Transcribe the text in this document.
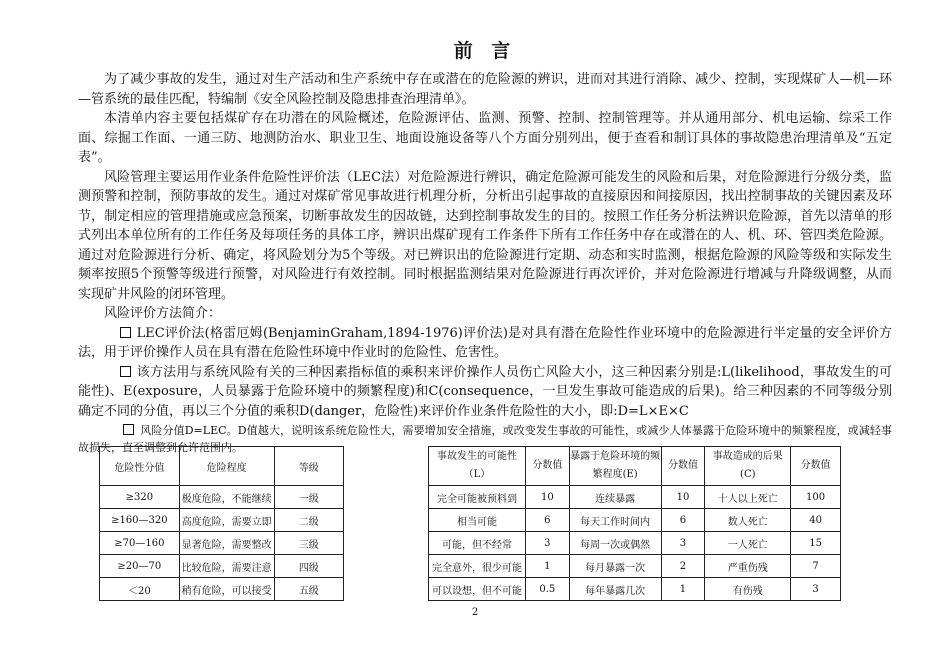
前 言

为了减少事故的发生，通过对生产活动和生产系统中存在或潜在的危险源的辨识，进而对其进行消除、减少、控制，实现煤矿人—机—环—管系统的最佳匹配，特编制《安全风险控制及隐患排查治理清单》。

本清单内容主要包括煤矿存在功潜在的风险概述，危险源评估、监测、预警、控制、控制管理等。并从通用部分、机电运输、综采工作面、综掘工作面、一通三防、地测防治水、职业卫生、地面设施设备等八个方面分别列出，便于查看和制订具体的事故隐患治理清单及“五定表”。

风险管理主要运用作业条件危险性评价法（LEC法）对危险源进行辨识，确定危险源可能发生的风险和后果，对危险源进行分级分类，监测预警和控制，预防事故的发生。通过对煤矿常见事故进行机理分析，分析出引起事故的直接原因和间接原因，找出控制事故的关键因素及环节，制定相应的管理措施或应急预案，切断事故发生的因故链，达到控制事故发生的目的。按照工作任务分析法辨识危险源，首先以清单的形式列出本单位所有的工作任务及每项任务的具体工序，辨识出煤矿现有工作条件下所有工作任务中存在或潜在的人、机、环、管四类危险源。通过对危险源进行分析、确定，将风险划分为5个等级。对已辨识出的危险源进行定期、动态和实时监测，根据危险源的风险等级和实际发生频率按照5个预警等级进行预警，对风险进行有效控制。同时根据监测结果对危险源进行再次评价，并对危险源进行增减与升降级调整，从而实现矿井风险的闭环管理。

风险评价方法简介：

LEC评价法(格雷厄姆(BenjaminGraham,1894-1976)评价法)是对具有潜在危险性作业环境中的危险源进行半定量的安全评价方法，用于评价操作人员在具有潜在危险性环境中作业时的危险性、危害性。

该方法用与系统风险有关的三种因素指标值的乘积来评价操作人员伤亡风险大小，这三种因素分别是:L(likelihood，事故发生的可能性)、E(exposure，人员暴露于危险环境中的频繁程度)和C(consequence，一旦发生事故可能造成的后果)。给三种因素的不同等级分别确定不同的分值，再以三个分值的乘积D(danger，危险性)来评价作业条件危险性的大小，即:D=L×E×C

风险分值D=LEC。D值越大，说明该系统危险性大，需要增加安全措施，或改变发生事故的可能性，或减少人体暴露于危险环境中的频繁程度，或减轻事故损失，直至调整到允许范围内。

危险性分值	危险程度	等级
≥320	极度危险，不能继续	一级
≥160—320	高度危险，需要立即	二级
≥70—160	显著危险，需要整改	三级
≥20—70	比较危险，需要注意	四级
＜20	稍有危险，可以接受	五级
事故发生的可能性（L）	分数值	暴露于危险环境的频繁程度(E)	分数值	事故造成的后果(C)	分数值
完全可能被预料到	10	连续暴露	10	十人以上死亡	100
相当可能	6	每天工作时间内	6	数人死亡	40
可能，但不经常	3	每周一次或偶然	3	一人死亡	15
完全意外，很少可能	1	每月暴露一次	2	严重伤残	7
可以设想，但不可能	0.5	每年暴露几次	1	有伤残	3
2
